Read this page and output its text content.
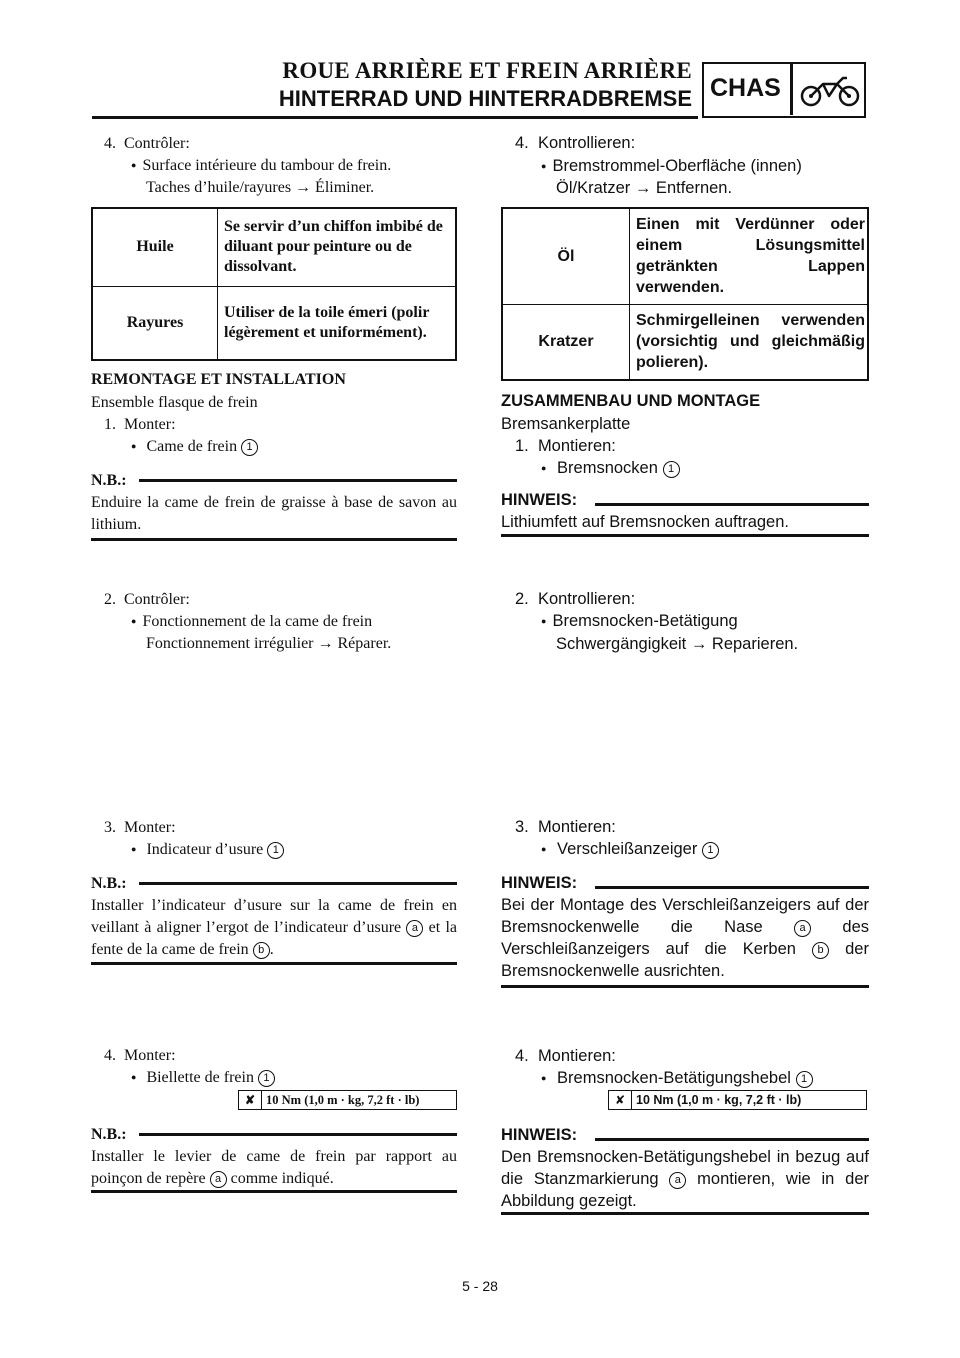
ROUE ARRIÈRE ET FREIN ARRIÈRE
HINTERRAD UND HINTERRADBREMSE CHAS
4. Contrôler:
● Surface intérieure du tambour de frein.
Taches d’huile/rayures → Éliminer.
Huile	Se servir d’un chiffon imbibé de diluant pour peinture ou de dissolvant.
Rayures	Utiliser de la toile émeri (polir légèrement et uniformément).
REMONTAGE ET INSTALLATION
Ensemble flasque de frein
1. Monter:
● Came de frein 1
N.B.:
Enduire la came de frein de graisse à base de savon au lithium.
2. Contrôler:
● Fonctionnement de la came de frein
Fonctionnement irrégulier → Réparer.
3. Monter:
● Indicateur d’usure 1
N.B.:
Installer l’indicateur d’usure sur la came de frein en veillant à aligner l’ergot de l’indicateur d’usure a et la fente de la came de frein b .
4. Monter:
● Biellette de frein 1
✘ 10 Nm (1,0 m · kg, 7,2 ft · lb)
N.B.:
Installer le levier de came de frein par rapport au poinçon de repère a comme indiqué.
4. Kontrollieren:
● Bremstrommel-Oberfläche (innen)
Öl/Kratzer → Entfernen.
Öl	Einen mit Verdünner oder einem Lösungsmittel getränkten Lappen verwenden.
Kratzer	Schmirgelleinen verwenden (vorsichtig und gleichmäßig polieren).
ZUSAMMENBAU UND MONTAGE
Bremsankerplatte
1. Montieren:
● Bremsnocken 1
HINWEIS:
Lithiumfett auf Bremsnocken auftragen.
2. Kontrollieren:
● Bremsnocken-Betätigung
Schwergängigkeit → Reparieren.
3. Montieren:
● Verschleißanzeiger 1
HINWEIS:
Bei der Montage des Verschleißanzeigers auf der Bremsnockenwelle die Nase	a des Verschleißanzeigers auf die Kerben b der Bremsnockenwelle ausrichten.
4. Montieren:
● Bremsnocken-Betätigungshebel 1
✘ 10 Nm (1,0 m · kg, 7,2 ft · lb)
HINWEIS:
Den Bremsnocken-Betätigungshebel in bezug auf die Stanzmarkierung a montieren, wie in der Abbildung gezeigt.
5 - 28
